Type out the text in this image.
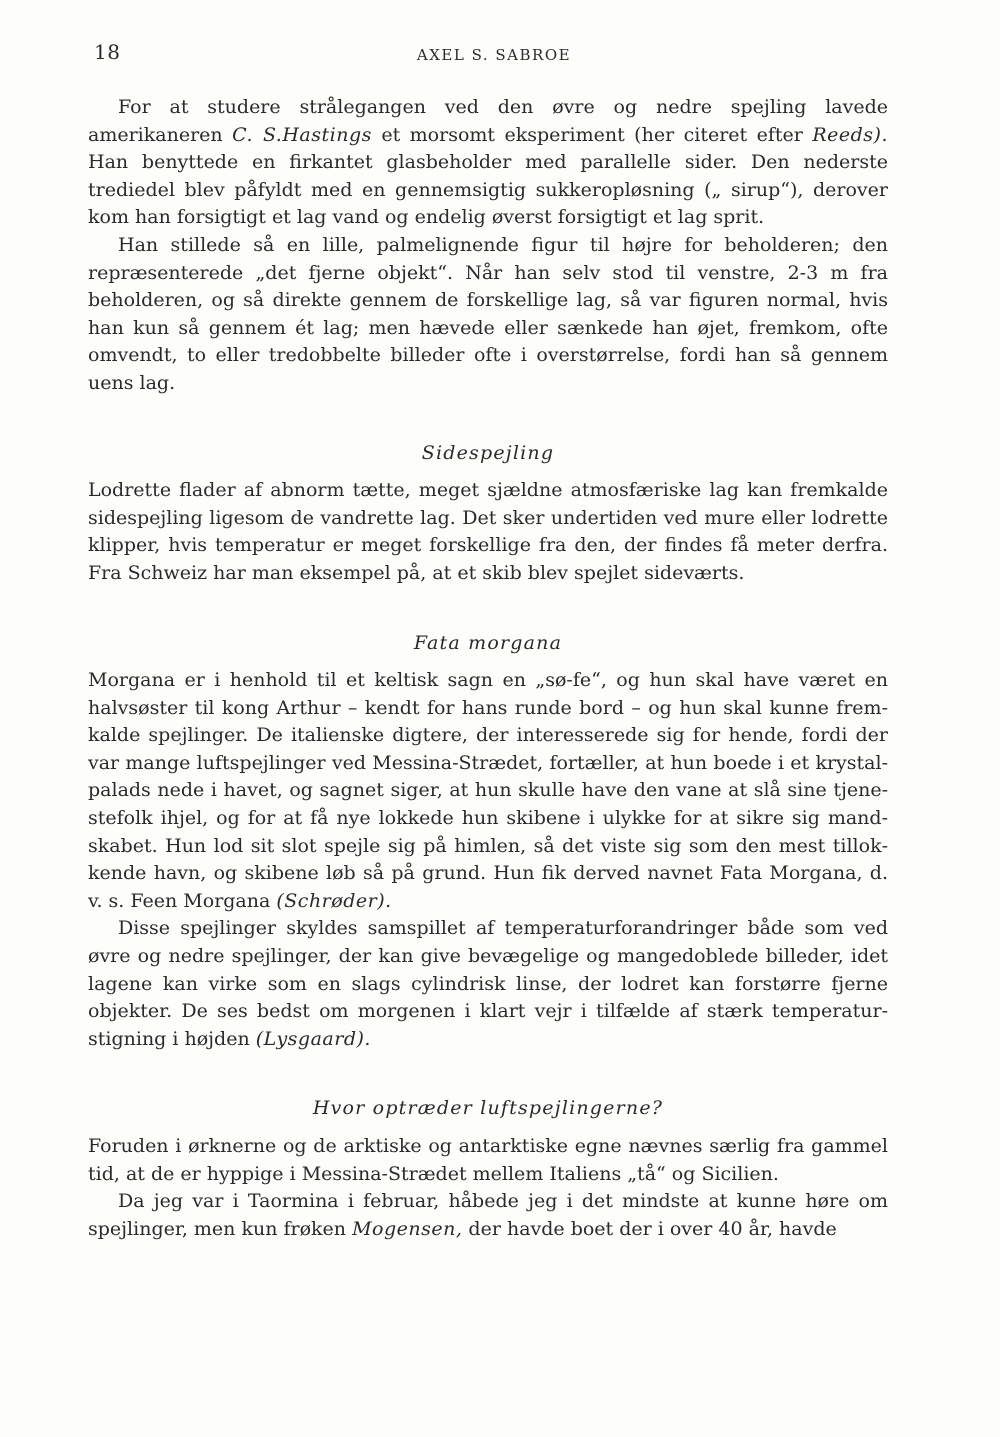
18	AXEL S. SABROE

For at studere strålegangen ved den øvre og nedre spejling lavede amerikaneren C. S.Hastings et morsomt eksperiment (her citeret efter Reeds). Han benyttede en firkantet glasbeholder med parallelle sider. Den nederste trediedel blev påfyldt med en gennemsigtig sukkeropløsning („ sirup“), derover kom han forsigtigt et lag vand og endelig øverst forsigtigt et lag sprit.

Han stillede så en lille, palmelignende figur til højre for beholderen; den repræsenterede „det fjerne objekt“. Når han selv stod til venstre, 2-3 m fra beholderen, og så direkte gennem de forskellige lag, så var figuren normal, hvis han kun så gennem ét lag; men hævede eller sænkede han øjet, fremkom, ofte omvendt, to eller tredobbelte billeder ofte i overstørrelse, fordi han så gennem uens lag.

Sidespejling

Lodrette flader af abnorm tætte, meget sjældne atmosfæriske lag kan fremkalde sidespejling ligesom de vandrette lag. Det sker undertiden ved mure eller lodrette klipper, hvis temperatur er meget forskellige fra den, der findes få meter derfra. Fra Schweiz har man eksempel på, at et skib blev spejlet sideværts.

Fata morgana

Morgana er i henhold til et keltisk sagn en „sø-fe“, og hun skal have været en halvsøster til kong Arthur – kendt for hans runde bord – og hun skal kunne fremkalde spejlinger. De italienske digtere, der interesserede sig for hende, fordi der var mange luftspejlinger ved Messina-Strædet, fortæller, at hun boede i et krystalpalads nede i havet, og sagnet siger, at hun skulle have den vane at slå sine tjenestefolk ihjel, og for at få nye lokkede hun skibene i ulykke for at sikre sig mandskabet. Hun lod sit slot spejle sig på himlen, så det viste sig som den mest tillokkende havn, og skibene løb så på grund. Hun fik derved navnet Fata Morgana, d. v. s. Feen Morgana (Schrøder).

Disse spejlinger skyldes samspillet af temperaturforandringer både som ved øvre og nedre spejlinger, der kan give bevægelige og mangedoblede billeder, idet lagene kan virke som en slags cylindrisk linse, der lodret kan forstørre fjerne objekter. De ses bedst om morgenen i klart vejr i tilfælde af stærk temperaturstigning i højden (Lysgaard).

Hvor optræder luftspejlingerne?

Foruden i ørknerne og de arktiske og antarktiske egne nævnes særlig fra gammel tid, at de er hyppige i Messina-Strædet mellem Italiens „tå“ og Sicilien.

Da jeg var i Taormina i februar, håbede jeg i det mindste at kunne høre om spejlinger, men kun frøken Mogensen, der havde boet der i over 40 år, havde
